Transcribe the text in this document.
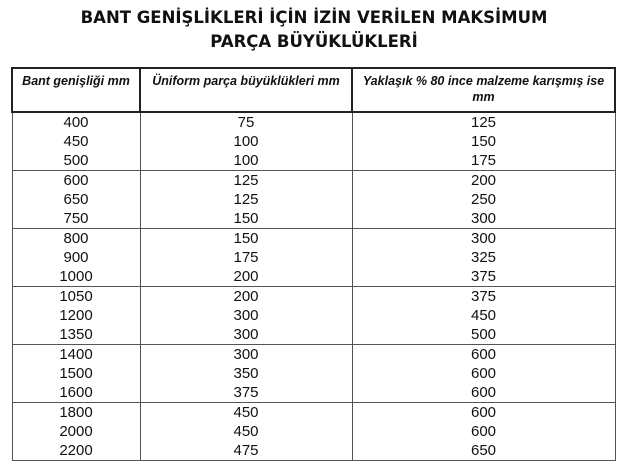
BANT GENİŞLİKLERİ İÇİN İZİN VERİLEN MAKSİMUM
PARÇA BÜYÜKLÜKLERİ
Bant genişliği mm	Üniform parça büyüklükleri mm	Yaklaşık % 80 ince malzeme karışmış ise mm
400	75	125
450	100	150
500	100	175
600	125	200
650	125	250
750	150	300
800	150	300
900	175	325
1000	200	375
1050	200	375
1200	300	450
1350	300	500
1400	300	600
1500	350	600
1600	375	600
1800	450	600
2000	450	600
2200	475	650
